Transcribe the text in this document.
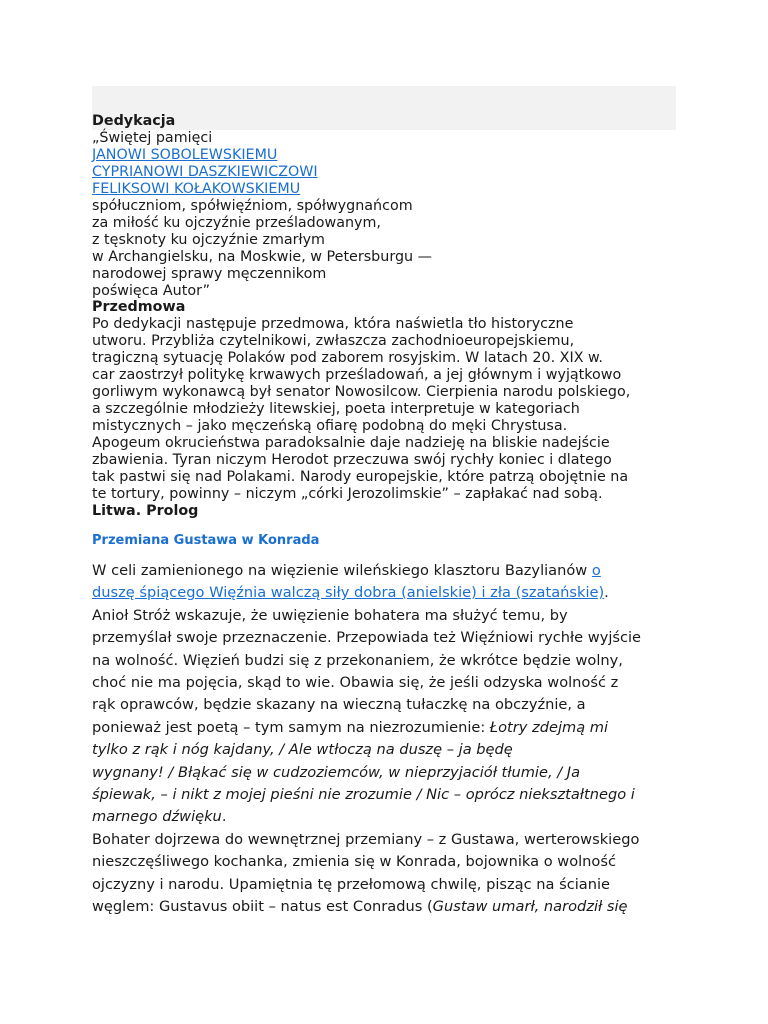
Dedykacja
„Świętej pamięci
JANOWI SOBOLEWSKIEMU
CYPRIANOWI DASZKIEWICZOWI
FELIKSOWI KOŁAKOWSKIEMU
spółuczniom, spółwięźniom, spółwygnańcom
za miłość ku ojczyźnie prześladowanym,
z tęsknoty ku ojczyźnie zmarłym
w Archangielsku, na Moskwie, w Petersburgu —
narodowej sprawy męczennikom
poświęca Autor”
Przedmowa
Po dedykacji następuje przedmowa, która naświetla tło historyczne
utworu. Przybliża czytelnikowi, zwłaszcza zachodnioeuropejskiemu,
tragiczną sytuację Polaków pod zaborem rosyjskim. W latach 20. XIX w.
car zaostrzył politykę krwawych prześladowań, a jej głównym i wyjątkowo
gorliwym wykonawcą był senator Nowosilcow. Cierpienia narodu polskiego,
a szczególnie młodzieży litewskiej, poeta interpretuje w kategoriach
mistycznych – jako męczeńską ofiarę podobną do męki Chrystusa.
Apogeum okrucieństwa paradoksalnie daje nadzieję na bliskie nadejście
zbawienia. Tyran niczym Herodot przeczuwa swój rychły koniec i dlatego
tak pastwi się nad Polakami. Narody europejskie, które patrzą obojętnie na
te tortury, powinny – niczym „córki Jerozolimskie” – zapłakać nad sobą.
Litwa. Prolog
Przemiana Gustawa w Konrada

W celi zamienionego na więzienie wileńskiego klasztoru Bazylianów o
duszę śpiącego Więźnia walczą siły dobra (anielskie) i zła (szatańskie).
Anioł Stróż wskazuje, że uwięzienie bohatera ma służyć temu, by
przemyślał swoje przeznaczenie. Przepowiada też Więźniowi rychłe wyjście
na wolność. Więzień budzi się z przekonaniem, że wkrótce będzie wolny,
choć nie ma pojęcia, skąd to wie. Obawia się, że jeśli odzyska wolność z
rąk oprawców, będzie skazany na wieczną tułaczkę na obczyźnie, a
ponieważ jest poetą – tym samym na niezrozumienie: Łotry zdejmą mi
tylko z rąk i nóg kajdany, / Ale wtłoczą na duszę – ja będę
wygnany! / Błąkać się w cudzoziemców, w nieprzyjaciół tłumie, / Ja
śpiewak, – i nikt z mojej pieśni nie zrozumie / Nic – oprócz niekształtnego i
marnego dźwięku.

Bohater dojrzewa do wewnętrznej przemiany – z Gustawa, werterowskiego
nieszczęśliwego kochanka, zmienia się w Konrada, bojownika o wolność
ojczyzny i narodu. Upamiętnia tę przełomową chwilę, pisząc na ścianie
węglem: Gustavus obiit – natus est Conradus (Gustaw umarł, narodził się
